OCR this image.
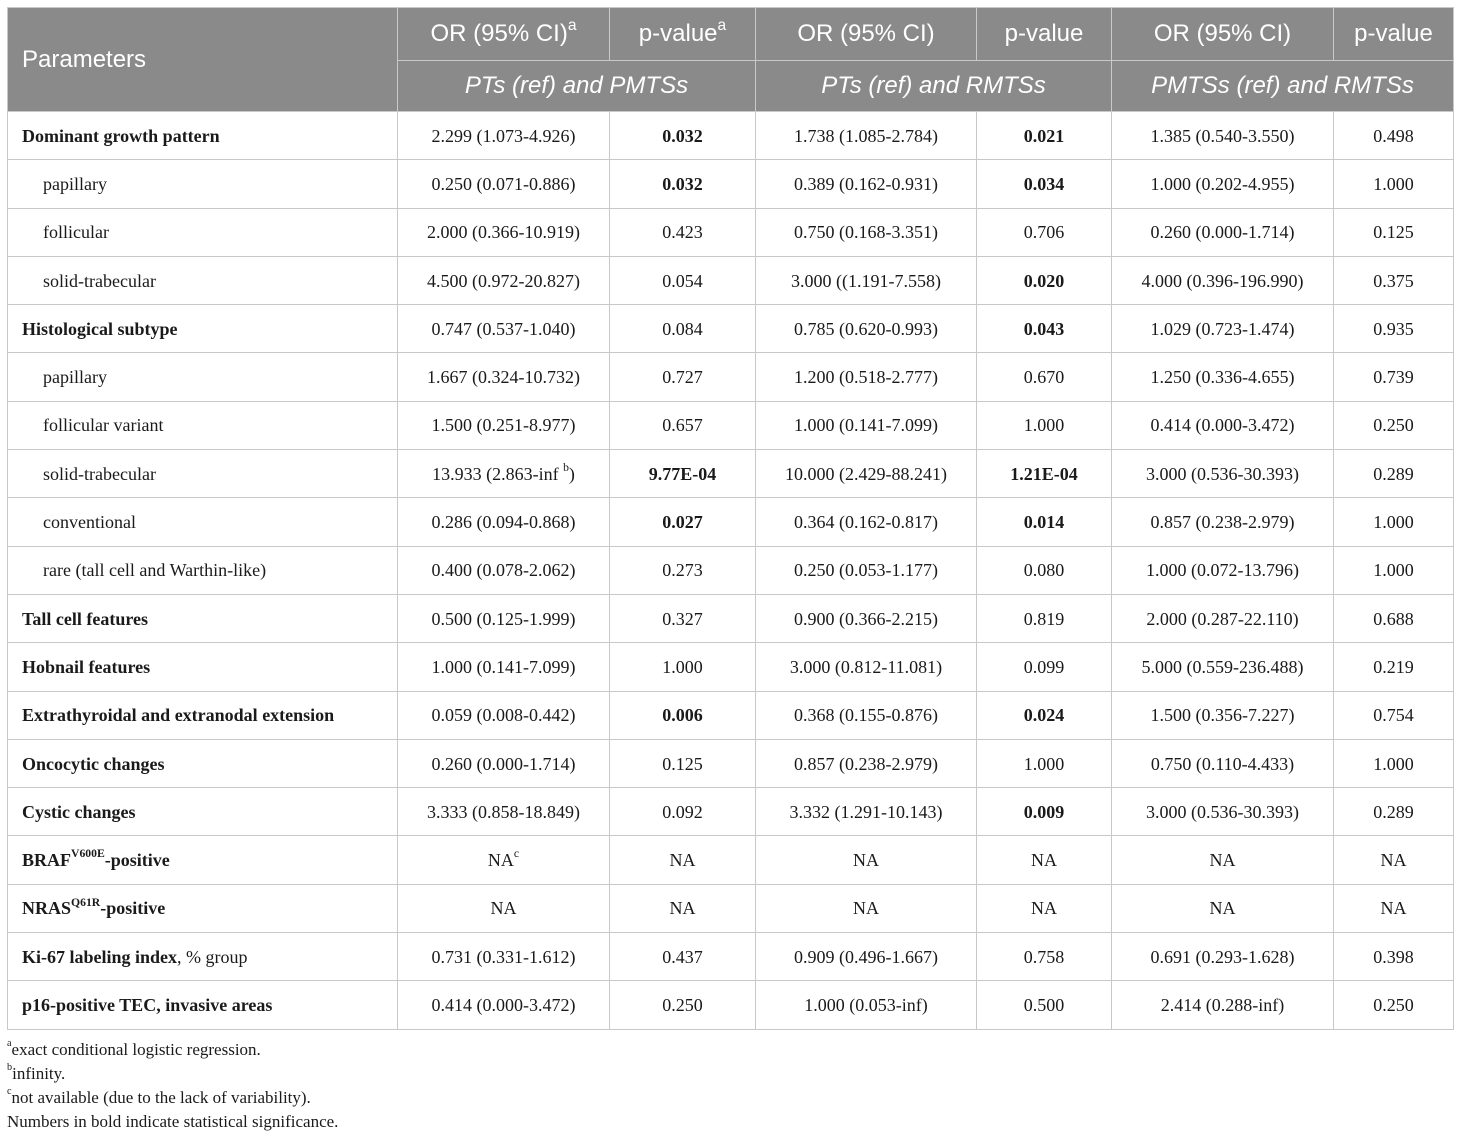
Parameters	OR (95% CI)$^a$	p-value$^a$	OR (95% CI)	p-value	OR (95% CI)	p-value
	PTs (ref) and PMTSs		PTs (ref) and RMTSs		PMTSs (ref) and RMTSs	
Dominant growth pattern	2.299 (1.073-4.926)	0.032	1.738 (1.085-2.784)	0.021	1.385 (0.540-3.550)	0.498
papillary	0.250 (0.071-0.886)	0.032	0.389 (0.162-0.931)	0.034	1.000 (0.202-4.955)	1.000
follicular	2.000 (0.366-10.919)	0.423	0.750 (0.168-3.351)	0.706	0.260 (0.000-1.714)	0.125
solid-trabecular	4.500 (0.972-20.827)	0.054	3.000 ((1.191-7.558)	0.020	4.000 (0.396-196.990)	0.375
Histological subtype	0.747 (0.537-1.040)	0.084	0.785 (0.620-0.993)	0.043	1.029 (0.723-1.474)	0.935
papillary	1.667 (0.324-10.732)	0.727	1.200 (0.518-2.777)	0.670	1.250 (0.336-4.655)	0.739
follicular variant	1.500 (0.251-8.977)	0.657	1.000 (0.141-7.099)	1.000	0.414 (0.000-3.472)	0.250
solid-trabecular	13.933 (2.863-inf $^b$)	9.77E-04	10.000 (2.429-88.241)	1.21E-04	3.000 (0.536-30.393)	0.289
conventional	0.286 (0.094-0.868)	0.027	0.364 (0.162-0.817)	0.014	0.857 (0.238-2.979)	1.000
rare (tall cell and Warthin-like)	0.400 (0.078-2.062)	0.273	0.250 (0.053-1.177)	0.080	1.000 (0.072-13.796)	1.000
Tall cell features	0.500 (0.125-1.999)	0.327	0.900 (0.366-2.215)	0.819	2.000 (0.287-22.110)	0.688
Hobnail features	1.000 (0.141-7.099)	1.000	3.000 (0.812-11.081)	0.099	5.000 (0.559-236.488)	0.219
Extrathyroidal and extranodal extension	0.059 (0.008-0.442)	0.006	0.368 (0.155-0.876)	0.024	1.500 (0.356-7.227)	0.754
Oncocytic changes	0.260 (0.000-1.714)	0.125	0.857 (0.238-2.979)	1.000	0.750 (0.110-4.433)	1.000
Cystic changes	3.333 (0.858-18.849)	0.092	3.332 (1.291-10.143)	0.009	3.000 (0.536-30.393)	0.289
$BRAF^{V600E}$-positive	$NA^c$	NA	NA	NA	NA	NA
$NRAS^{Q61R}$-positive	NA	NA	NA	NA	NA	NA
Ki-67 labeling index, % group	0.731 (0.331-1.612)	0.437	0.909 (0.496-1.667)	0.758	0.691 (0.293-1.628)	0.398
p16-positive TEC, invasive areas	0.414 (0.000-3.472)	0.250	1.000 (0.053-inf)	0.500	2.414 (0.288-inf)	0.250
$^a$exact conditional logistic regression.
$^b$infinity.
$^c$not available (due to the lack of variability).
Numbers in bold indicate statistical significance.
